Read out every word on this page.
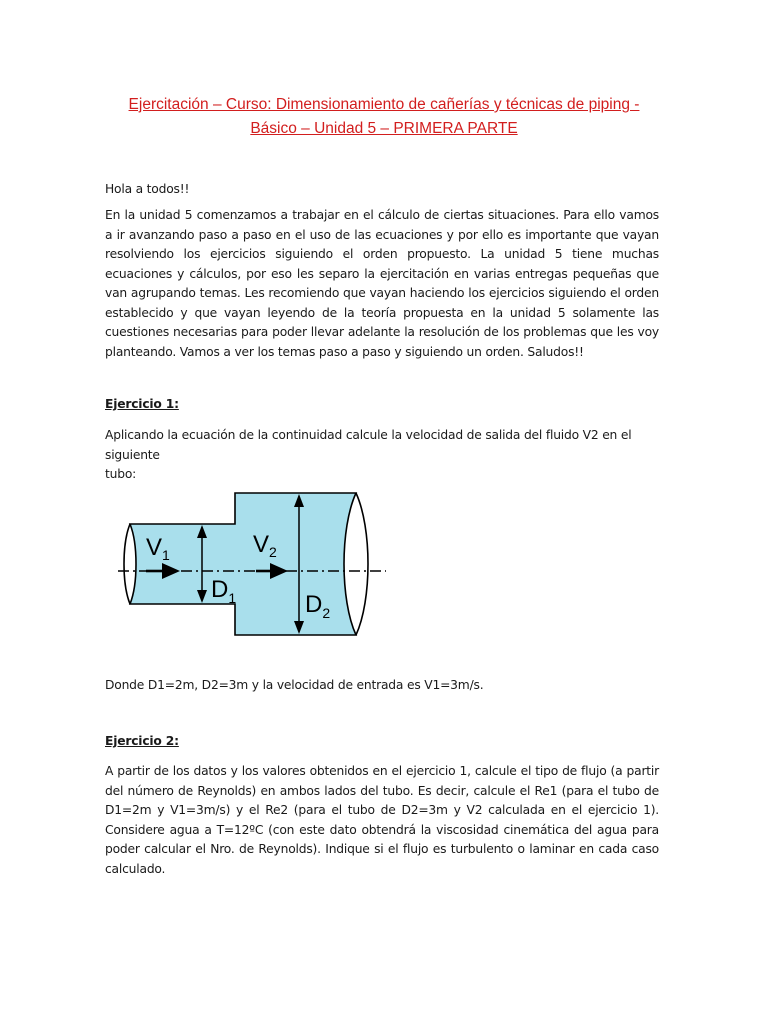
Ejercitación – Curso: Dimensionamiento de cañerías y técnicas de piping -
Básico – Unidad 5 – PRIMERA PARTE

Hola a todos!!

En la unidad 5 comenzamos a trabajar en el cálculo de ciertas situaciones. Para ello vamos a ir avanzando paso a paso en el uso de las ecuaciones y por ello es importante que vayan resolviendo los ejercicios siguiendo el orden propuesto. La unidad 5 tiene muchas ecuaciones y cálculos, por eso les separo la ejercitación en varias entregas pequeñas que van agrupando temas. Les recomiendo que vayan haciendo los ejercicios siguiendo el orden establecido y que vayan leyendo de la teoría propuesta en la unidad 5 solamente las cuestiones necesarias para poder llevar adelante la resolución de los problemas que les voy planteando. Vamos a ver los temas paso a paso y siguiendo un orden. Saludos!!

Ejercicio 1:

Aplicando la ecuación de la continuidad calcule la velocidad de salida del fluido V2 en el siguiente
tubo:

$V_1$	$V_2$
$D_1$	$D_2$

Donde D1=2m, D2=3m y la velocidad de entrada es V1=3m/s.

Ejercicio 2:

A partir de los datos y los valores obtenidos en el ejercicio 1, calcule el tipo de flujo (a partir del número de Reynolds) en ambos lados del tubo. Es decir, calcule el Re1 (para el tubo de D1=2m y V1=3m/s) y el Re2 (para el tubo de D2=3m y V2 calculada en el ejercicio 1). Considere agua a T=12ºC (con este dato obtendrá la viscosidad cinemática del agua para poder calcular el Nro. de Reynolds). Indique si el flujo es turbulento o laminar en cada caso calculado.
